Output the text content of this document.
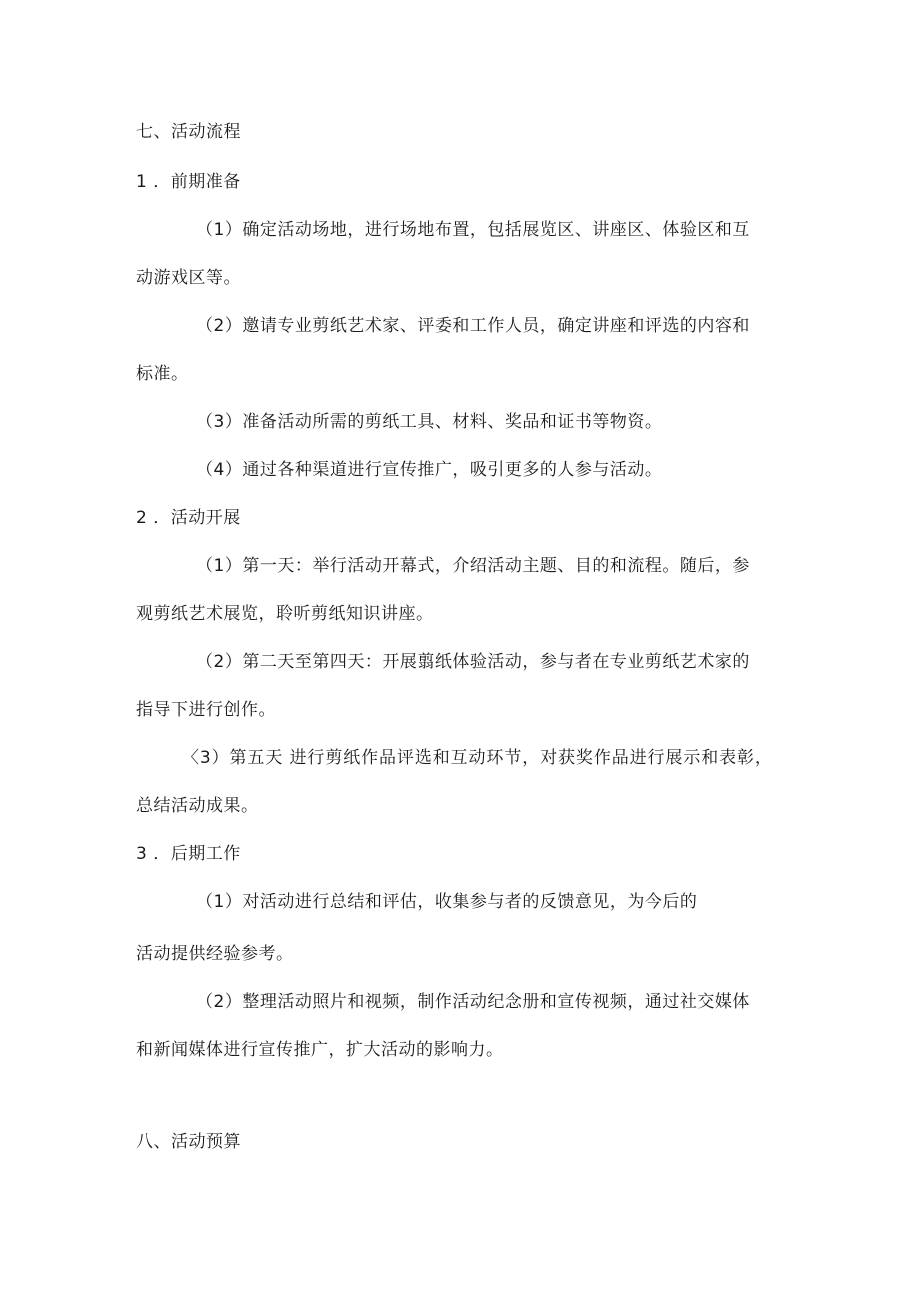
七、活动流程
1 ．前期准备
（1）确定活动场地，进行场地布置，包括展览区、讲座区、体验区和互
动游戏区等。
（2）邀请专业剪纸艺术家、评委和工作人员，确定讲座和评选的内容和
标准。
（3）准备活动所需的剪纸工具、材料、奖品和证书等物资。
（4）通过各种渠道进行宣传推广，吸引更多的人参与活动。
2 ．活动开展
（1）第一天：举行活动开幕式，介绍活动主题、目的和流程。随后，参
观剪纸艺术展览，聆听剪纸知识讲座。
（2）第二天至第四天：开展翦纸体验活动，参与者在专业剪纸艺术家的
指导下进行创作。
〈3）第五天 进行剪纸作品评选和互动环节，对获奖作品进行展示和表彰，
总结活动成果。
3 ．后期工作
（1）对活动进行总结和评估，收集参与者的反馈意见，为今后的
活动提供经验参考。
（2）整理活动照片和视频，制作活动纪念册和宣传视频，通过社交媒体
和新闻媒体进行宣传推广，扩大活动的影响力。
八、活动预算
